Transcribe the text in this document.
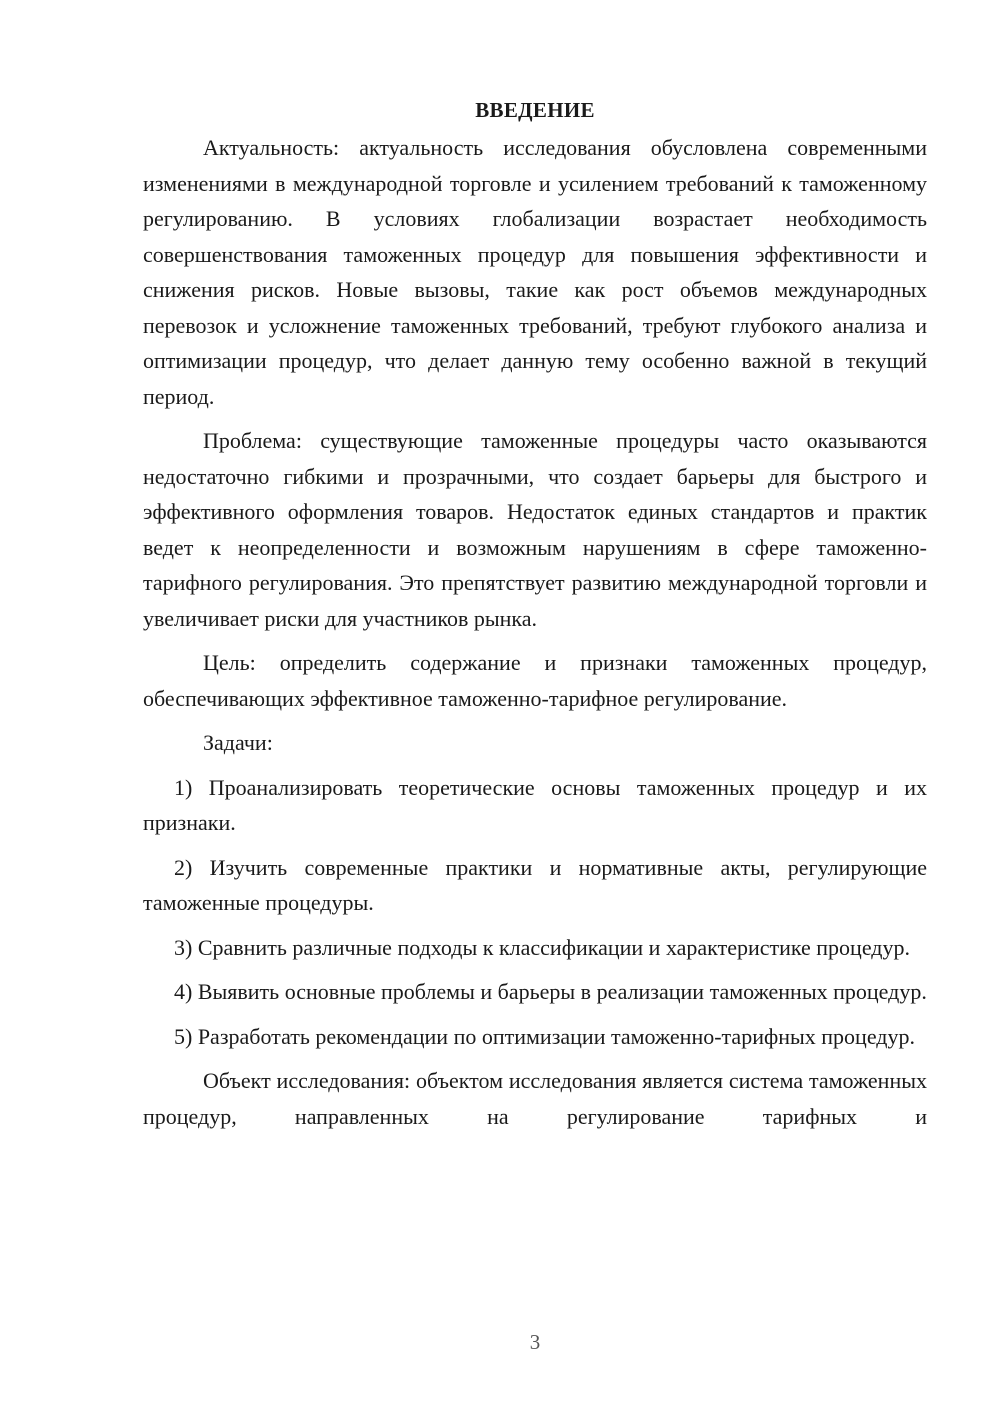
ВВЕДЕНИЕ

Актуальность: актуальность исследования обусловлена современными изменениями в международной торговле и усилением требований к таможенному регулированию. В условиях глобализации возрастает необходимость совершенствования таможенных процедур для повышения эффективности и снижения рисков. Новые вызовы, такие как рост объемов международных перевозок и усложнение таможенных требований, требуют глубокого анализа и оптимизации процедур, что делает данную тему особенно важной в текущий период.

Проблема: существующие таможенные процедуры часто оказываются недостаточно гибкими и прозрачными, что создает барьеры для быстрого и эффективного оформления товаров. Недостаток единых стандартов и практик ведет к неопределенности и возможным нарушениям в сфере таможенно-тарифного регулирования. Это препятствует развитию международной торговли и увеличивает риски для участников рынка.

Цель: определить содержание и признаки таможенных процедур, обеспечивающих эффективное таможенно-тарифное регулирование.

Задачи:

1) Проанализировать теоретические основы таможенных процедур и их признаки.

2) Изучить современные практики и нормативные акты, регулирующие таможенные процедуры.

3) Сравнить различные подходы к классификации и характеристике процедур.

4) Выявить основные проблемы и барьеры в реализации таможенных процедур.

5) Разработать рекомендации по оптимизации таможенно-тарифных процедур.

Объект исследования: объектом исследования является система таможенных процедур, направленных на регулирование тарифных и

3
